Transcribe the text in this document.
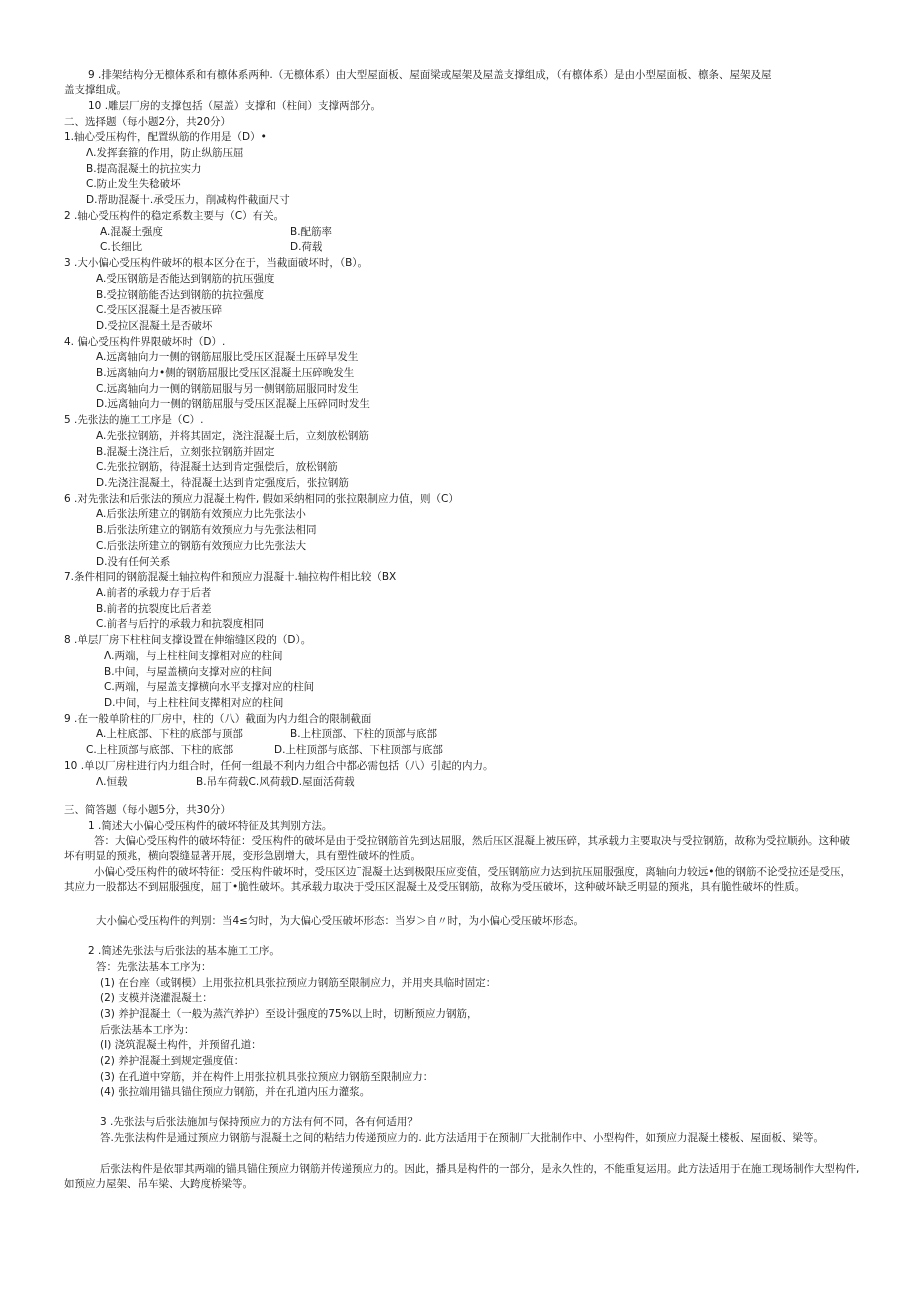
9 .排架结构分无檩体系和有檩体系两种.（无檩体系）由大型屋面板、屋面梁或屋架及屋盖支撑组成，（有檩体系）是由小型屋面板、檩条、屋架及屋
盖支撑组成。
10 .雕层厂房的支撑包括（屋盖）支撑和（柱间）支撑两部分。
二、选择题（每小题2分，共20分）
1.轴心受压构件，配置纵筋的作用是（D）•
Λ.发挥套箍的作用，防止纵筋压屈
B.提高混凝土的抗拉实力
C.防止发生失稔破坏
D.帮助混凝十.承受压力，削减构件截面尺寸
2 .轴心受压构件的稳定系数主要与（C）有关。
A.混凝土强度	B.配筋率
C.长细比	D.荷载
3 .大小偏心受压构件破坏的根本区分在于，当截面破坏时，（B）。
A.受压钢筋是否能达到钢筋的抗压强度
B.受拉钢筋能否达到钢筋的抗拉强度
C.受压区混凝土是否被压碎
D.受拉区混凝土是否破坏
4. 偏心受压构件界限破坏时（D）.
A.远离轴向力一侧的钢筋屈服比受压区混凝土压碎早发生
B.远离轴向力•侧的钢筋屈服比受压区混凝土压碎晚发生
C.远离轴向力一侧的钢筋屈服与另一侧钢筋屈服同时发生
D.远离轴向力一侧的钢筋屈服与受压区混凝上压碎同时发生
5 .先张法的施工工序是（C）.
A.先张拉钢筋，并将其固定，浇注混凝土后，立刻放松钢筋
B.混凝土浇注后，立刻张拉钢筋并固定
C.先张拉钢筋，待混凝土达到肯定强偿后，放松钢筋
D.先浇注混凝土，待混凝土达到肯定强度后，张拉钢筋
6 .对先张法和后张法的预应力混凝土构件, 假如采纳相同的张拉限制应力值，则（C）
A.后张法所建立的钢筋有效预应力比先张法小
B.后张法所建立的钢筋有效预应力与先张法相同
C.后张法所建立的钢筋有效预应力比先张法大
D.没有任何关系
7.条件相同的钢筋混凝土轴拉构件和预应力混凝十.轴拉构件相比较（BX
A.前者的承载力存于后者
B.前者的抗裂度比后者差
C.前者与后拧的承载力和抗裂度相同
8 .单层厂房下柱柱间支撑设置在伸缩缝区段的（D）。
Λ.两端，与上柱柱间支撑相对应的柱间
B.中间，与屋盖横向支撑对应的柱间
C.两端，与屋盖支撑横向水平支撑对应的柱间
D.中间，与上柱柱间支撵相对应的柱间
9 .在一般单阶柱的厂房中，柱的（八）截面为内力组合的限制截面
A.上柱底部、下柱的底部与顶部	B.上柱顶部、下柱的顶部与底部
C.上柱顶部与底部、下柱的底部	D.上柱顶部与底部、下柱顶部与底部
10 .单以厂房柱进行内力组合时，任何一组最不利内力组合中都必需包括（八）引起的内力。
Λ.恒载	B.吊车荷载C.风荷载D.屋面活荷载
三、简答题（每小题5分，共30分）
1 .简述大小偏心受压构件的破坏特征及其判别方法。
答：大偏心受压构件的破坏特征：受压构件的破坏是由于受拉钢筋首先到达屈服，然后压区混凝上被压碎，其承载力主要取决与受拉钢筋，故称为受拉顺孙。这种破坏有明显的预兆，横向裂缝显著开展，变形急剧增大，具有塑性破坏的性质。
小偏心受压构件的破坏特征：受压构件破坏时，受压区边¨混凝土达到极限压应变值，受压钢筋应力达到抗压屈服强度，离轴向力较远•他的钢筋不论受拉还是受压，其应力一股都达不到屈服强度，屈丁•脆性破坏。其承载力取决于受压区混凝土及受压钢筋，故称为受压破坏，这种破坏缺乏明显的预兆，具有脆性破坏的性质。
大小偏心受压构件的判别：当4≤匀时，为大偏心受压破坏形态：当岁＞自〃时，为小偏心受压破坏形态。
2 .简述先张法与后张法的基本施工工序。
答：先张法基本工序为：
(1) 在台座（或钢模）上用张拉机具张拉预应力钢筋至限制应力，并用夹具临时固定：
(2) 支模并浇灌混凝土：
(3) 养护混凝土（一般为蒸汽养护）至设计强度的75%以上时，切断预应力钢筋，
后张法基本工序为：
(I) 浇筑混凝土构件，并预留孔道：
(2) 养护混凝土到规定强度值：
(3) 在孔道中穿筋，并在构件上用张拉机具张拉预应力钢筋至限制应力：
(4) 张拉端用锚具锚住预应力钢筋，并在孔道内压力灌浆。
3 .先张法与后张法施加与保持预应力的方法有何不同，各有何适用？
答.先张法构件是通过预应力钢筋与混凝土之间的粘结力传递预应力的. 此方法适用于在预制厂大批制作中、小型构件，如预应力混凝土楼板、屋面板、梁等。
后张法构件是依罪其两端的锚具锚住预应力钢筋并传递预应力的。因此，播具是构件的一部分，是永久性的，不能重复运用。此方法适用于在施工现场制作大型构件, 如预应力屋架、吊车梁、大跨度桥梁等。
